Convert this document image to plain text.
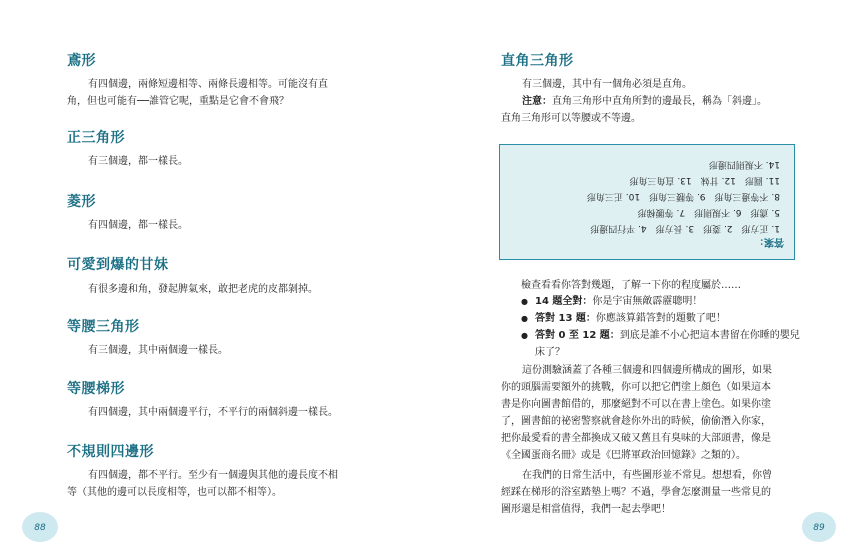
鳶形
有四個邊，兩條短邊相等、兩條長邊相等。可能沒有直
角，但也可能有──誰管它呢，重點是它會不會飛？
正三角形
有三個邊，都一樣長。
菱形
有四個邊，都一樣長。
可愛到爆的甘妹
有很多邊和角，發起脾氣來，敢把老虎的皮都剝掉。
等腰三角形
有三個邊，其中兩個邊一樣長。
等腰梯形
有四個邊，其中兩個邊平行，不平行的兩個斜邊一樣長。
不規則四邊形
有四個邊，都不平行。至少有一個邊與其他的邊長度不相
等（其他的邊可以長度相等，也可以都不相等）。
88
直角三角形
有三個邊，其中有一個角必須是直角。
注意：直角三角形中直角所對的邊最長，稱為「斜邊」。
直角三角形可以等腰或不等邊。
答案：
1. 正方形　2. 菱形　3. 長方形　4. 平行四邊形
5. 鳶形　6. 不規則形　7. 等腰梯形
8. 不等邊三角形　9. 等腰三角形　10. 正三角形
11. 圓形　12. 甘妹　13. 直角三角形
14. 不規則四邊形
檢查看看你答對幾題，了解一下你的程度屬於……
● 14 題全對：你是宇宙無敵霹靂聰明！
● 答對 13 題：你應該算錯答對的題數了吧！
● 答對 0 至 12 題：到底是誰不小心把這本書留在你睡的嬰兒床了？
這份測驗涵蓋了各種三個邊和四個邊所構成的圖形，如果
你的頭腦需要額外的挑戰，你可以把它們塗上顏色（如果這本
書是你向圖書館借的，那麼絕對不可以在書上塗色。如果你塗
了，圖書館的祕密警察就會趁你外出的時候，偷偷潛入你家，
把你最愛看的書全都換成又破又舊且有臭味的大部頭書，像是
《全國蛋商名冊》或是《巴將軍政治回憶錄》之類的）。
在我們的日常生活中，有些圖形並不常見。想想看，你曾
經踩在梯形的浴室踏墊上嗎？不過，學會怎麼測量一些常見的
圖形還是相當值得，我們一起去學吧！
89
